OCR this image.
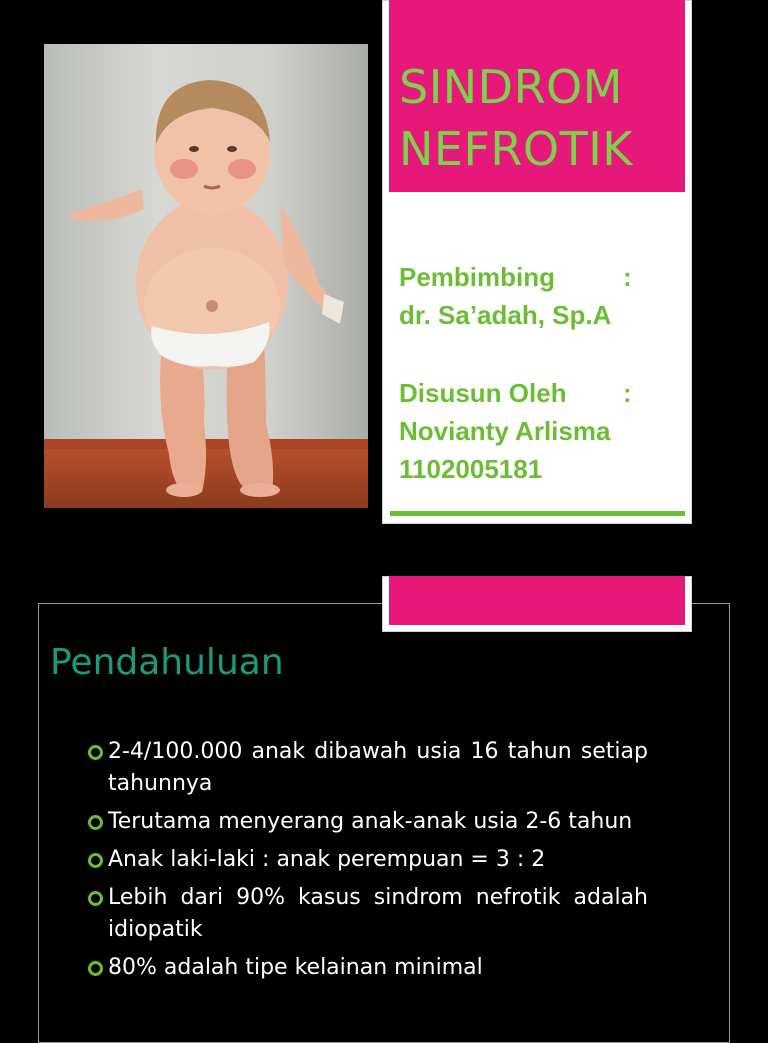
SINDROM
NEFROTIK
Pembimbing	:
dr. Sa’adah, Sp.A
Disusun Oleh :
Novianty Arlisma
1102005181
Pendahuluan
2-4/100.000 anak dibawah usia 16 tahun setiap tahunnya
Terutama menyerang anak-anak usia 2-6 tahun
Anak laki-laki : anak perempuan = 3 : 2
Lebih dari 90% kasus sindrom nefrotik adalah idiopatik
80% adalah tipe kelainan minimal
